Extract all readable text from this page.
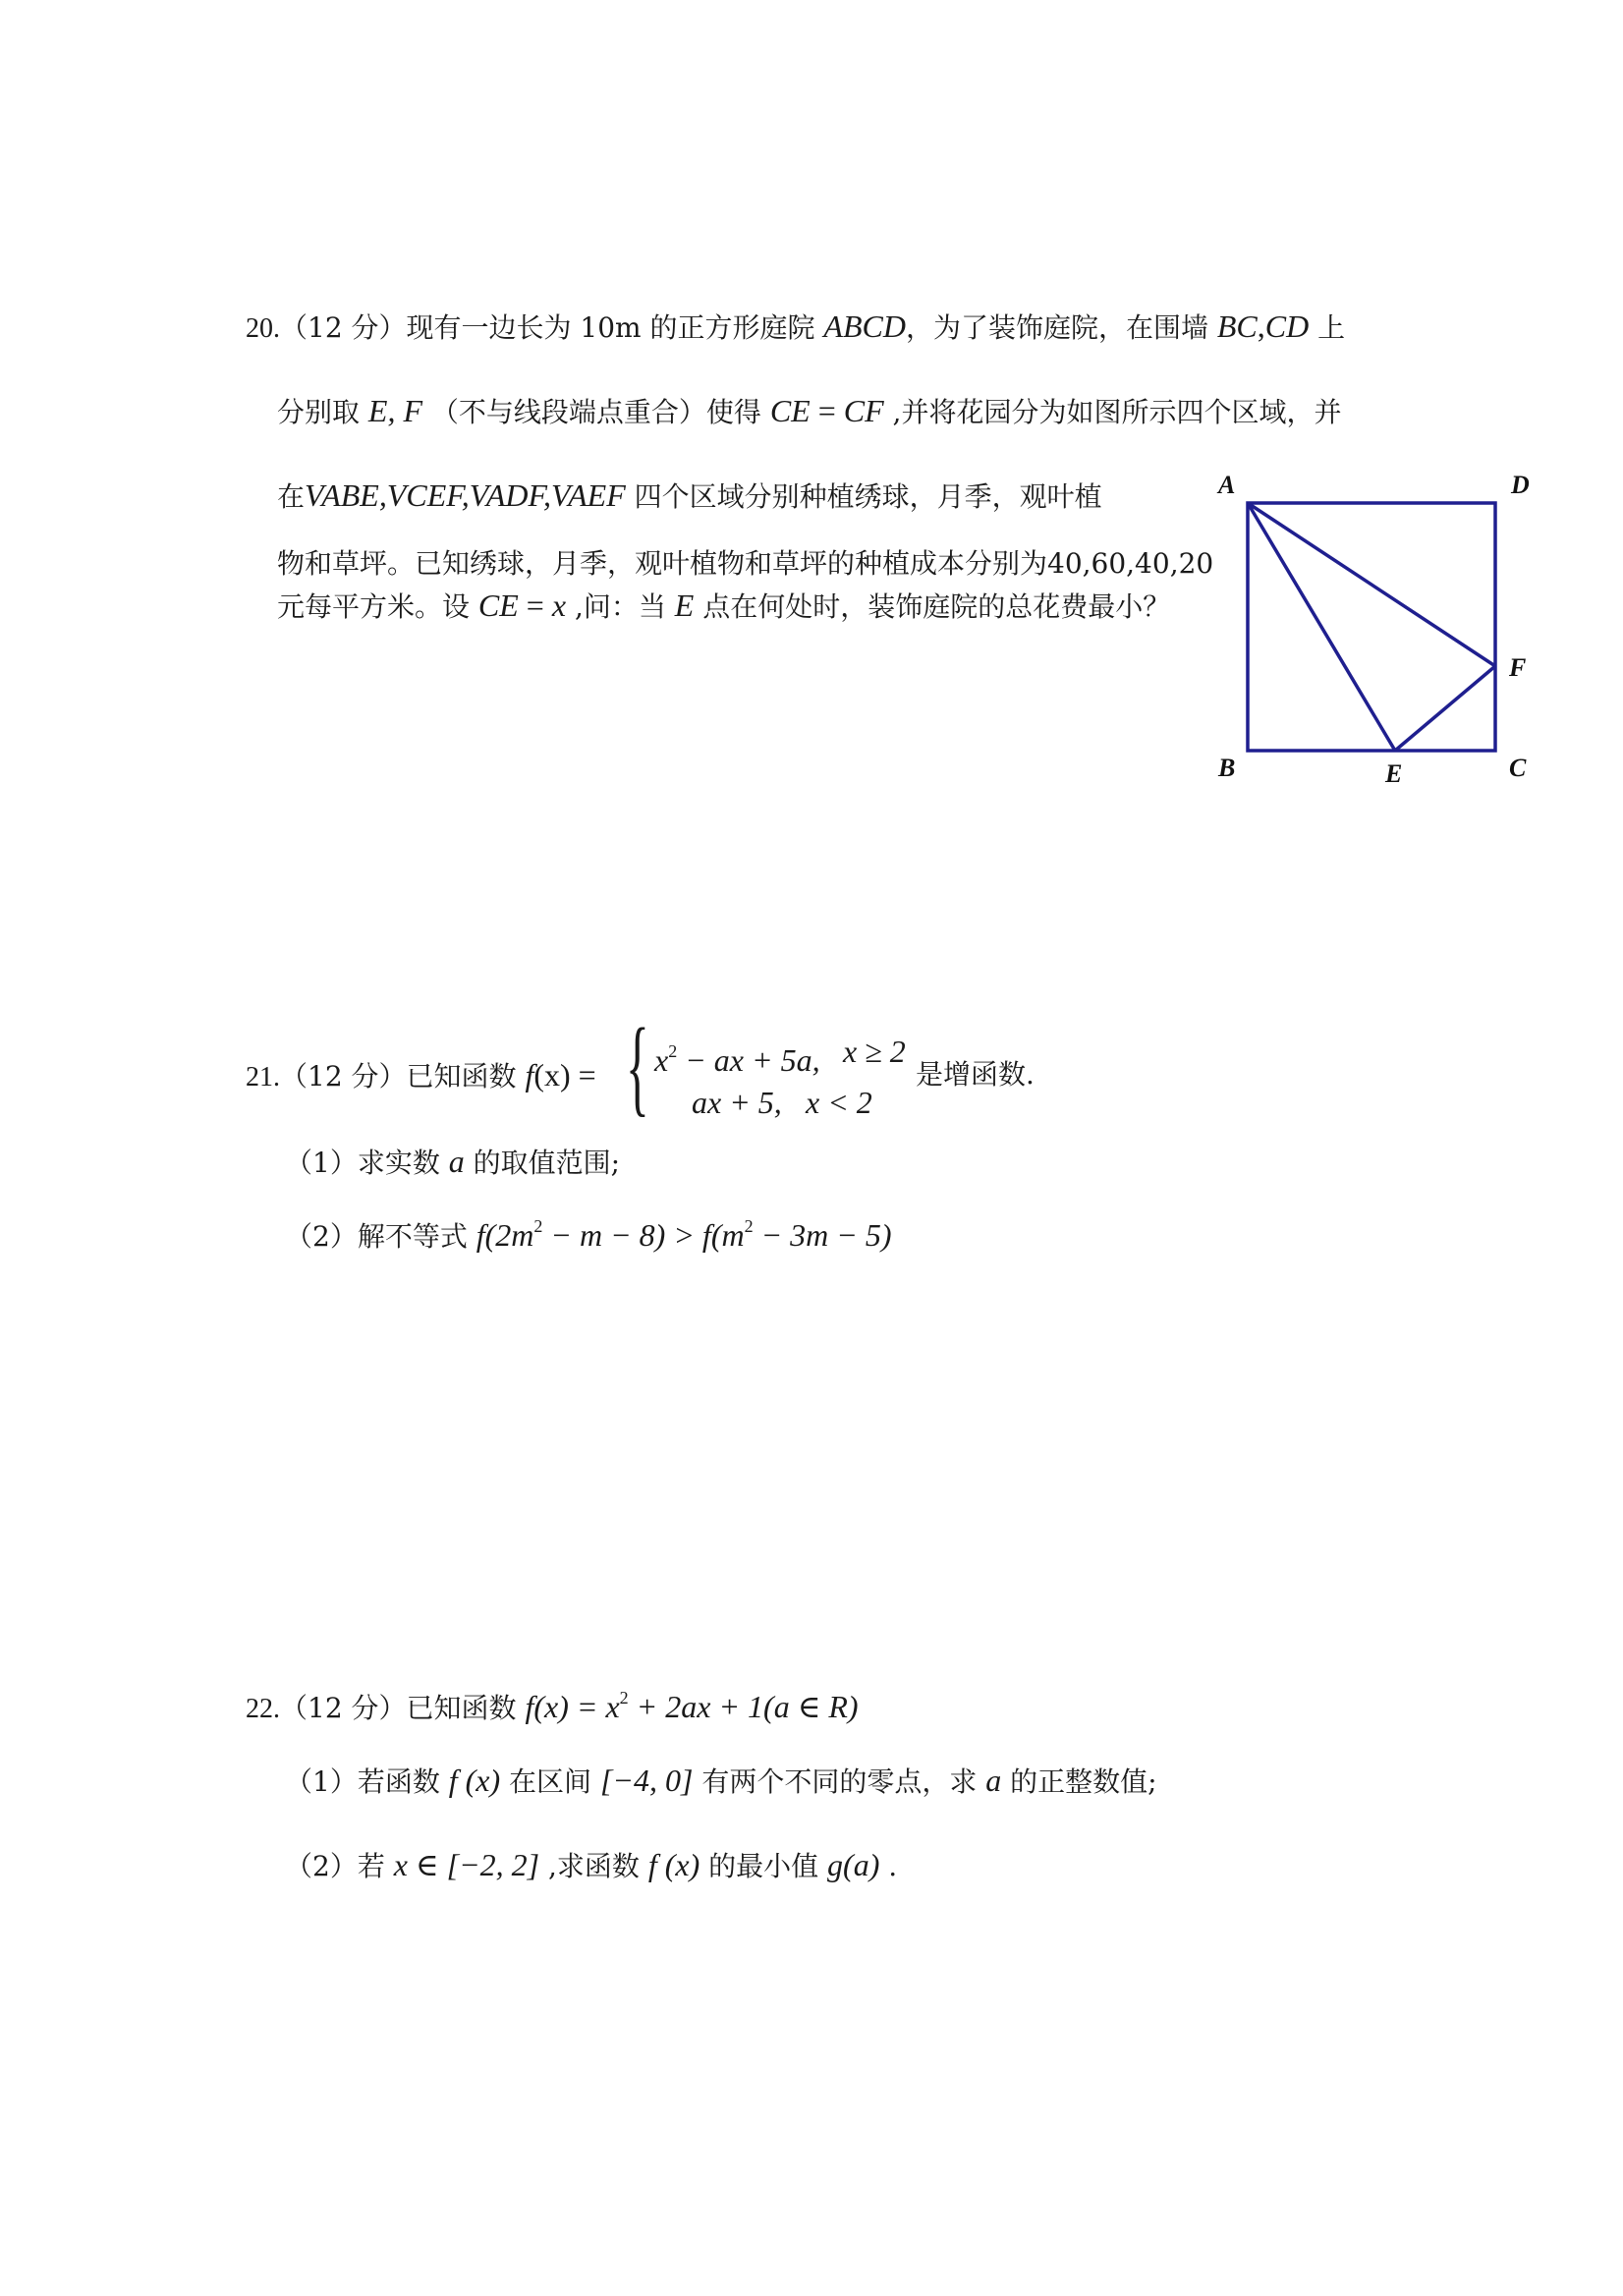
20.（12 分）现有一边长为 10m 的正方形庭院 ABCD，为了装饰庭院，在围墙 BC,CD 上
分别取 E, F （不与线段端点重合）使得 CE = CF ,并将花园分为如图所示四个区域，并
在VABE,VCEF,VADF,VAEF 四个区域分别种植绣球，月季，观叶植
物和草坪。已知绣球，月季，观叶植物和草坪的种植成本分别为40,60,40,20
元每平方米。设 CE = x ,问：当 E 点在何处时，装饰庭院的总花费最小？
A	D
F
B	E	C
21.（12 分）已知函数 f(x) = { $x^2$ − ax + 5a, x ≥ 2
ax + 5, x < 2
是增函数.
（1）求实数 a 的取值范围;
（2）解不等式 $f(2m^2 - m - 8) > f(m^2 - 3m - 5)$
22.（12 分）已知函数 $f(x) = x^2 + 2ax + 1(a$ ∈ R)
（1）若函数 f (x) 在区间 [−4, 0] 有两个不同的零点，求 a 的正整数值;
（2）若 x ∈ [−2, 2] ,求函数 f (x) 的最小值 g(a) .
